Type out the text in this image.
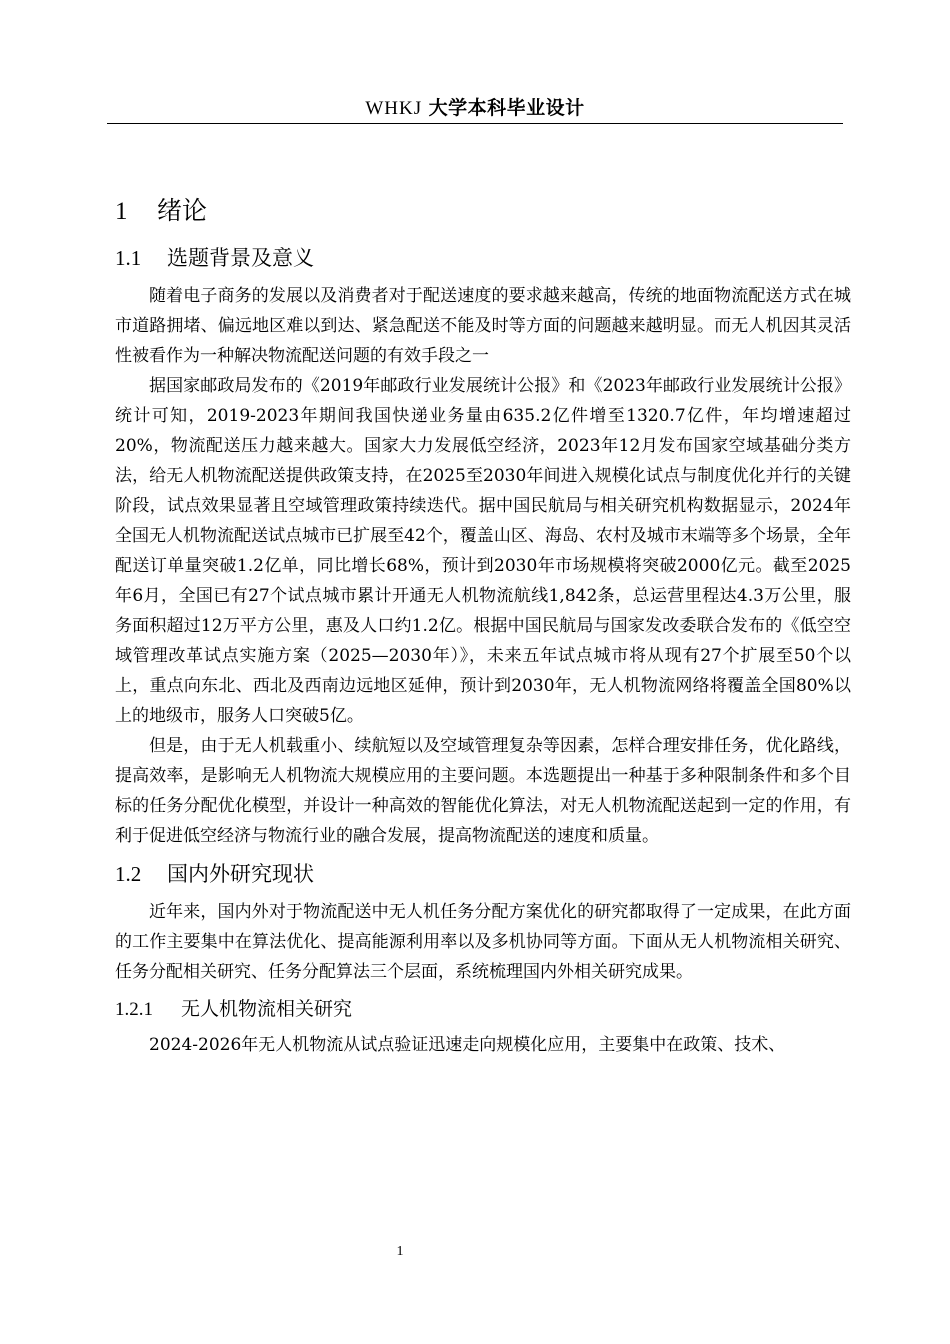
WHKJ 大学本科毕业设计
1 绪论
1.1 选题背景及意义

随着电子商务的发展以及消费者对于配送速度的要求越来越高，传统的地面物流配送方式在城市道路拥堵、偏远地区难以到达、紧急配送不能及时等方面的问题越来越明显。而无人机因其灵活性被看作为一种解决物流配送问题的有效手段之一

据国家邮政局发布的《2019年邮政行业发展统计公报》和《2023年邮政行业发展统计公报》统计可知，2019-2023年期间我国快递业务量由635.2亿件增至1320.7亿件，年均增速超过20%，物流配送压力越来越大。国家大力发展低空经济，2023年12月发布国家空域基础分类方法，给无人机物流配送提供政策支持，在2025至2030年间进入规模化试点与制度优化并行的关键阶段，试点效果显著且空域管理政策持续迭代。据中国民航局与相关研究机构数据显示，2024年全国无人机物流配送试点城市已扩展至42个，覆盖山区、海岛、农村及城市末端等多个场景，全年配送订单量突破1.2亿单，同比增长68%，预计到2030年市场规模将突破2000亿元。截至2025年6月，全国已有27个试点城市累计开通无人机物流航线1,842条，总运营里程达4.3万公里，服务面积超过12万平方公里，惠及人口约1.2亿。根据中国民航局与国家发改委联合发布的《低空空域管理改革试点实施方案（2025—2030年）》，未来五年试点城市将从现有27个扩展至50个以上，重点向东北、西北及西南边远地区延伸，预计到2030年，无人机物流网络将覆盖全国80%以上的地级市，服务人口突破5亿。

但是，由于无人机载重小、续航短以及空域管理复杂等因素，怎样合理安排任务，优化路线，提高效率，是影响无人机物流大规模应用的主要问题。本选题提出一种基于多种限制条件和多个目标的任务分配优化模型，并设计一种高效的智能优化算法，对无人机物流配送起到一定的作用，有利于促进低空经济与物流行业的融合发展，提高物流配送的速度和质量。

1.2 国内外研究现状

近年来，国内外对于物流配送中无人机任务分配方案优化的研究都取得了一定成果，在此方面的工作主要集中在算法优化、提高能源利用率以及多机协同等方面。下面从无人机物流相关研究、任务分配相关研究、任务分配算法三个层面，系统梳理国内外相关研究成果。

1.2.1 无人机物流相关研究

2024-2026年无人机物流从试点验证迅速走向规模化应用，主要集中在政策、技术、

1
